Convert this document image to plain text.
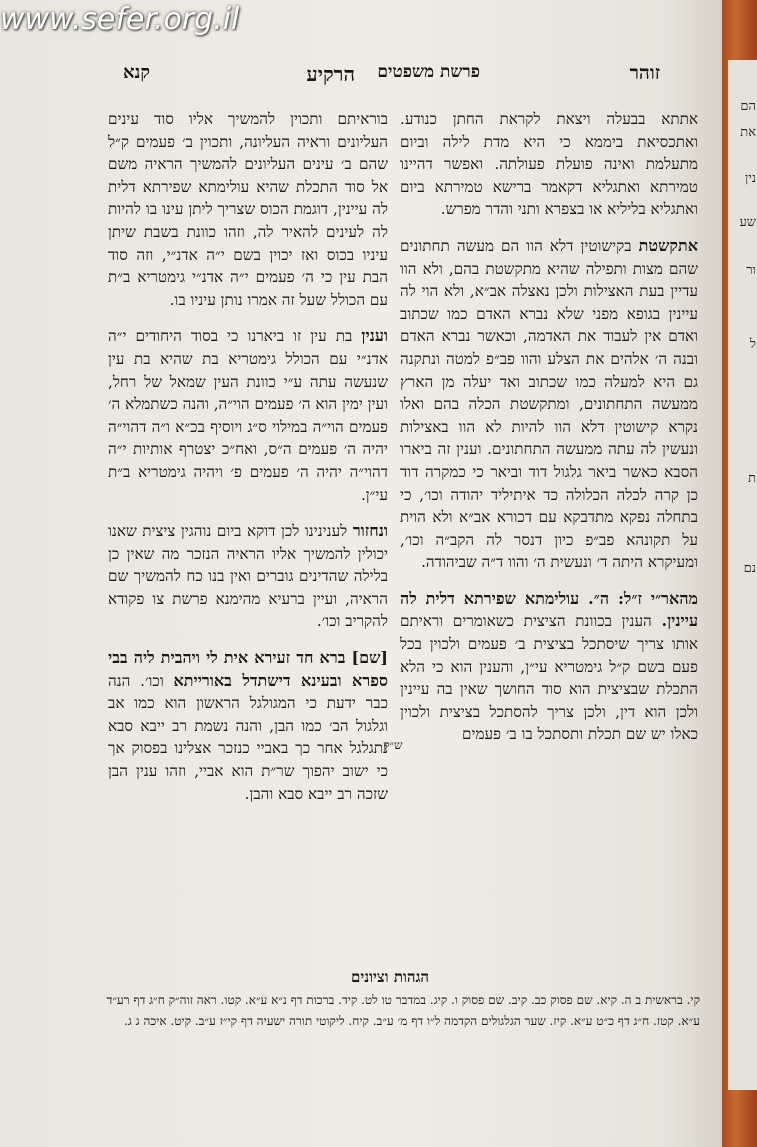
זוהר
פרשת משפטים
הרקיע
קנא

אתתא בבעלה ויצאת לקראת החתן כנודע. ואתכסיאת ביממא כי היא מדת לילה וביום מתעלמת ואינה פועלת פעולתה. ואפשר דהיינו טמירתא ואתגליא דקאמר ברישא טמירתא ביום ואתגליא בליליא או בצפרא ותני והדר מפרש.

אתקשטת בקישוטין דלא הוו הם מעשה תחתונים שהם מצות ותפילה שהיא מתקשטת בהם, ולא הוו עדיין בעת האצילות ולכן נאצלה אב״א, ולא הוי לה עיינין בגופא מפני שלא נברא האדם כמו שכתוב ואדם אין לעבוד את האדמה, וכאשר נברא האדם ובנה ה׳ אלהים את הצלע והוו פב״פ למטה ונתקנה גם היא למעלה כמו שכתוב ואד יעלה מן הארץ ממעשה התחתונים, ומתקשטת הכלה בהם ואלו נקרא קישוטין דלא הוו להיות לא הוו באצילות ונעשין לה עתה ממעשה התחתונים. וענין זה ביארו הסבא כאשר ביאר גלגול דוד וביאר כי כמקרה דוד כן קרה לכלה הכלולה כד איתיליד יהודה וכו׳, כי בתחלה נפקא מתדבקא עם דכורא אב״א ולא הוית על תקונהא פב״פ כיון דנסר לה הקב״ה וכו׳, ומעיקרא היתה ד׳ ונעשית ה׳ והוו ד״ה שביהודה.

מהאר״י ז״ל: ה״. עולימתא שפירתא דלית לה עיינין. הענין בכוונת הציצית כשאומרים וראיתם אותו צריך שיסתכל בציצית ב׳ פעמים ולכוין בכל פעם בשם ק״ל גימטריא עי״ן, והענין הוא כי הלא התכלת שבציצית הוא סוד החושך שאין בה עיינין ולכן הוא דין, ולכן צריך להסתכל בציצית ולכוין כאלו יש שם תכלת ותסתכל בו ב׳ פעמים

ש״ק

בוראיתם ותכוין להמשיך אליו סוד עינים העליונים וראיה העליונה, ותכוין ב׳ פעמים ק״ל שהם ב׳ עינים העליונים להמשיך הראיה משם אל סוד התכלת שהיא עולימתא שפירתא דלית לה עיינין, דוגמת הכוס שצריך ליתן עינו בו להיות לה לעינים להאיר לה, וזהו כוונת בשבת שיתן עיניו בכוס ואז יכוין בשם י״ה אדנ״י, וזה סוד הבת עין כי ה׳ פעמים י״ה אדנ״י גימטריא ב״ת עם הכולל שעל זה אמרו נותן עיניו בו.

וענין בת עין זו ביארנו כי בסוד היחודים י״ה אדנ״י עם הכולל גימטריא בת שהיא בת עין שנעשה עתה ע״י כוונת העין שמאל של רחל, ועין ימין הוא ה׳ פעמים הוי״ה, והנה כשתמלא ה׳ פעמים הוי״ה במילוי ס״ג ויוסיף בכ״א ו״ה דהוי״ה יהיה ה׳ פעמים ה״ס, ואח״כ יצטרף אותיות י״ה דהוי״ה יהיה ה׳ פעמים פ׳ ויהיה גימטריא ב״ת עי״ן.

ונחזור לענינינו לכן דוקא ביום נוהגין ציצית שאנו יכולין להמשיך אליו הראיה הנזכר מה שאין כן בלילה שהדינים גוברים ואין בנו כח להמשיך שם הראיה, ועיין ברעיא מהימנא פרשת צו פקודא להקריב וכו׳.

[שם] ברא חד זעירא אית לי ויהבית ליה בבי ספרא ובעינא דישתדל באורייתא וכו׳. הנה כבר ידעת כי המגולגל הראשון הוא כמו אב וגלגול הב׳ כמו הבן, והנה נשמת רב ייבא סבא נתגלגל אחר כך באביי כנזכר אצלינו בפסוק אך כי ישוב יהפוך שר״ת הוא אביי, וזהו ענין הבן שזכה רב ייבא סבא והבן.

הגהות וציונים
קי. בראשית ב ה. קיא. שם פסוק כב. קיב. שם פסוק ו. קיג. במדבר טו לט. קיד. ברכות דף נ״א ע״א. קטו. ראה זוה״ק ח״ג דף רע״ד ע״א. קטז. ח״ג דף כ״ט ע״א. קיז. שער הגלגולים הקדמה ל״ו דף מ׳ ע״ב. קיח. ליקוטי תורה ישעיה דף קי״ז ע״ב. קיט. איכה ג ג.
www.sefer.org.il
הם
את
נין
שע
ור
ל
ת
נם
